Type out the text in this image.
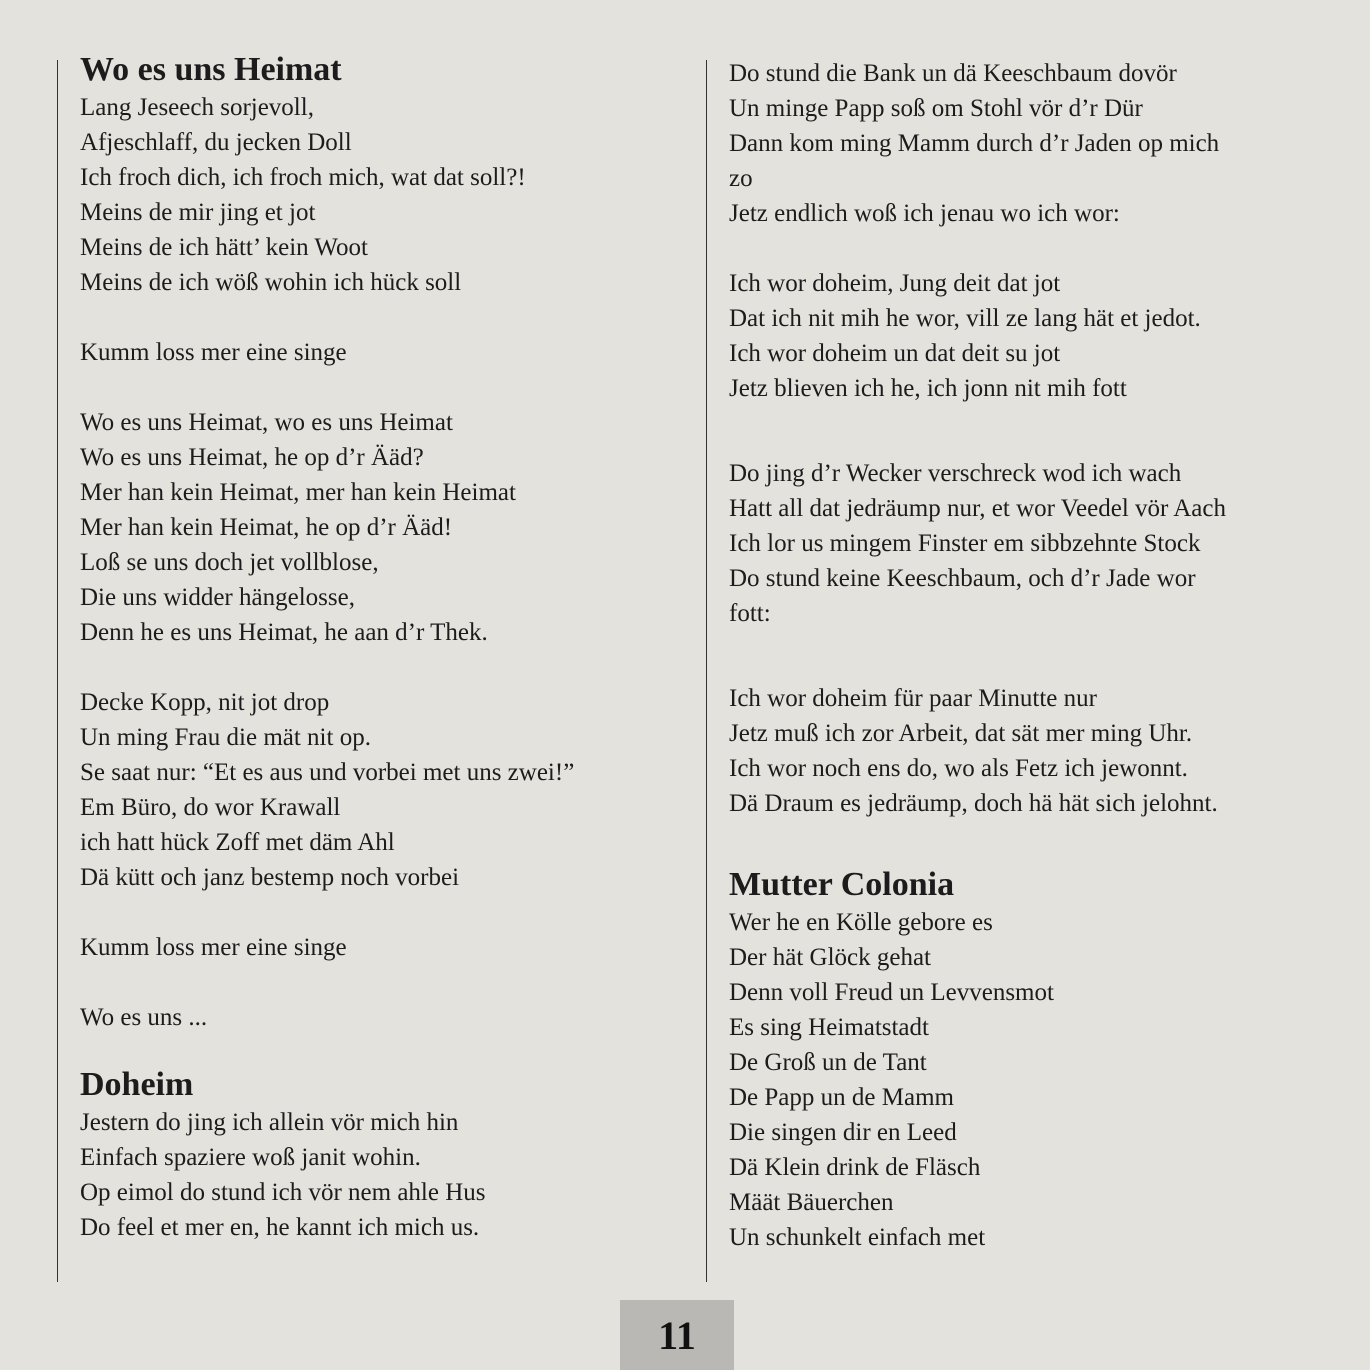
Wo es uns Heimat

Lang Jeseech sorjevoll,

Afjeschlaff, du jecken Doll

Ich froch dich, ich froch mich, wat dat soll?!

Meins de mir jing et jot

Meins de ich hätt’ kein Woot

Meins de ich wöß wohin ich hück soll

Kumm loss mer eine singe

Wo es uns Heimat, wo es uns Heimat

Wo es uns Heimat, he op d’r Ääd?

Mer han kein Heimat, mer han kein Heimat

Mer han kein Heimat, he op d’r Ääd!

Loß se uns doch jet vollblose,

Die uns widder hängelosse,

Denn he es uns Heimat, he aan d’r Thek.

Decke Kopp, nit jot drop

Un ming Frau die mät nit op.

Se saat nur: “Et es aus und vorbei met uns zwei!”

Em Büro, do wor Krawall

ich hatt hück Zoff met däm Ahl

Dä kütt och janz bestemp noch vorbei

Kumm loss mer eine singe

Wo es uns ...

Doheim

Jestern do jing ich allein vör mich hin

Einfach spaziere woß janit wohin.

Op eimol do stund ich vör nem ahle Hus

Do feel et mer en, he kannt ich mich us.

Do stund die Bank un dä Keeschbaum dovör

Un minge Papp soß om Stohl vör d’r Dür

Dann kom ming Mamm durch d’r Jaden op mich

zo

Jetz endlich woß ich jenau wo ich wor:

Ich wor doheim, Jung deit dat jot

Dat ich nit mih he wor, vill ze lang hät et jedot.

Ich wor doheim un dat deit su jot

Jetz blieven ich he, ich jonn nit mih fott

Do jing d’r Wecker verschreck wod ich wach

Hatt all dat jedräump nur, et wor Veedel vör Aach

Ich lor us mingem Finster em sibbzehnte Stock

Do stund keine Keeschbaum, och d’r Jade wor

fott:

Ich wor doheim für paar Minutte nur

Jetz muß ich zor Arbeit, dat sät mer ming Uhr.

Ich wor noch ens do, wo als Fetz ich jewonnt.

Dä Draum es jedräump, doch hä hät sich jelohnt.

Mutter Colonia

Wer he en Kölle gebore es

Der hät Glöck gehat

Denn voll Freud un Levvensmot

Es sing Heimatstadt

De Groß un de Tant

De Papp un de Mamm

Die singen dir en Leed

Dä Klein drink de Fläsch

Määt Bäuerchen

Un schunkelt einfach met

11
